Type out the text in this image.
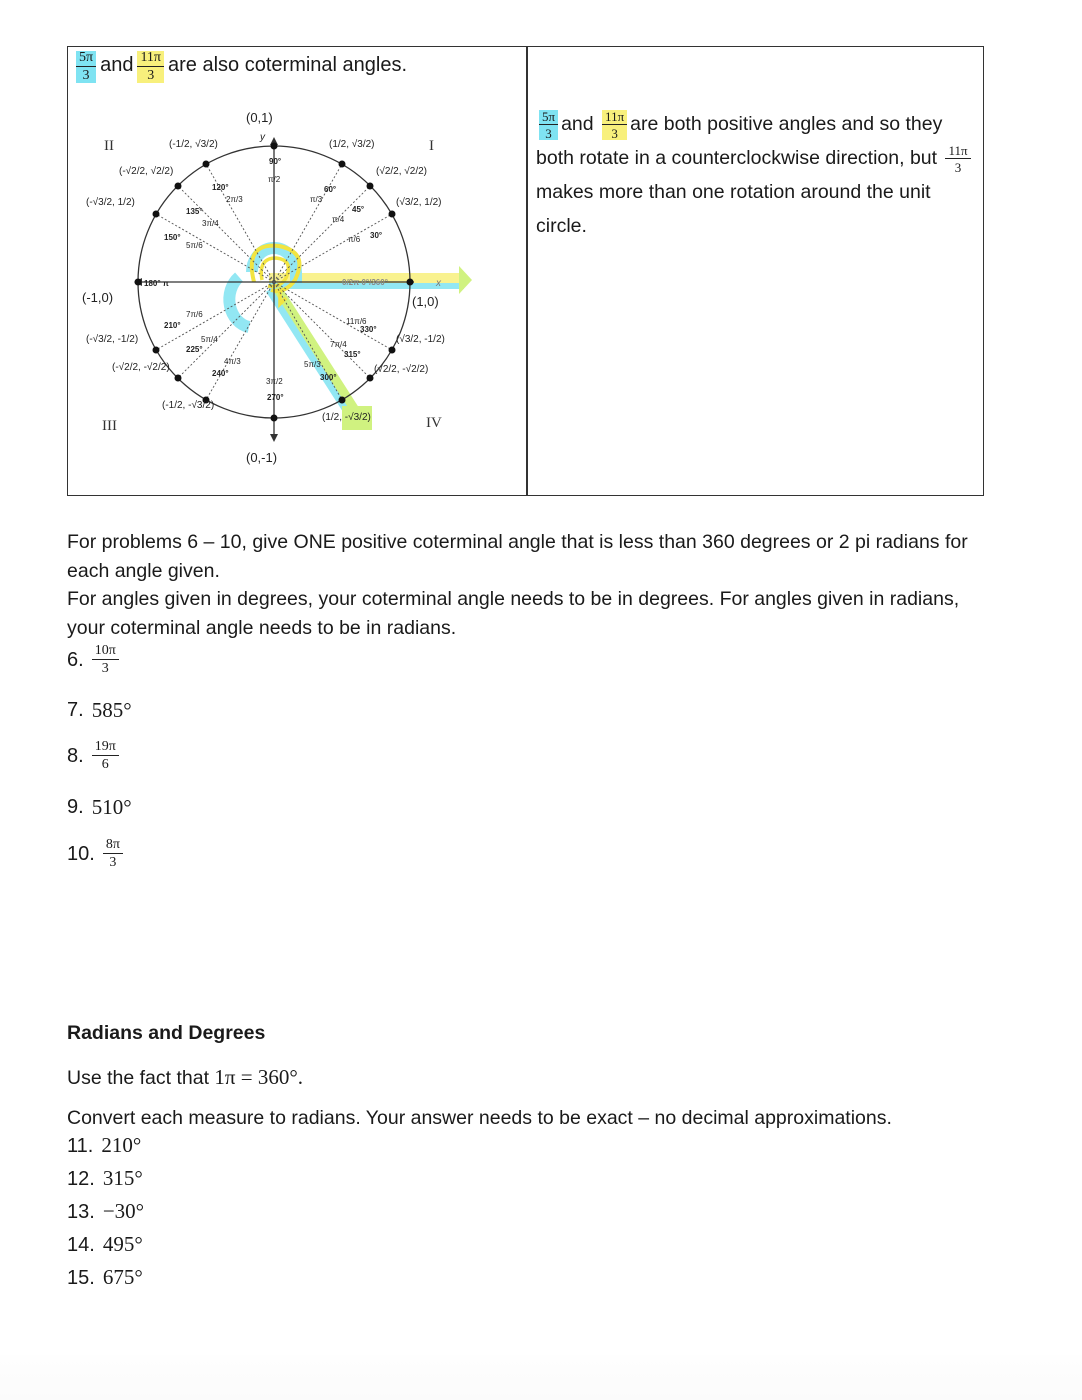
$\frac{5\pi}{3}$ and $\frac{11\pi}{3}$ are also coterminal angles.
I
II
III	IV
(0,1)
(-1,0)	(1,0)
(0,-1)
y
x
90°
60°
45°
30°
120°
135°
150°
180° π
210°
225°
240°
270°
300°
315°
330°
0/2π 0°/360°
π/2
π/3
π/4
π/6
2π/3
3π/4
5π/6
7π/6
5π/4
4π/3
3π/2
5π/3
7π/4
11π/6
(1/2, √3/2)
(√2/2, √2/2)
(√3/2, 1/2)
(-1/2, √3/2)
(-√2/2, √2/2)
(-√3/2, 1/2)
(-√3/2, -1/2)
(-√2/2, -√2/2)
(-1/2, -√3/2)
(1/2, -√3/2)
(√2/2, -√2/2)
(√3/2, -1/2)
$\frac{5\pi}{3}$ and $\frac{11\pi}{3}$ are both positive angles and so they both rotate in a counterclockwise direction, but $\frac{11\pi}{3}$
makes more than one rotation around the unit circle.
For problems 6 – 10, give ONE positive coterminal angle that is less than 360 degrees or 2 pi radians for each angle given.
For angles given in degrees, your coterminal angle needs to be in degrees. For angles given in radians, your coterminal angle needs to be in radians.
6. $\frac{10\pi}{3}$
7. 585°
8. $\frac{19\pi}{6}$
9. 510°
10. $\frac{8\pi}{3}$
Radians and Degrees
Use the fact that 1π = 360°.
Convert each measure to radians. Your answer needs to be exact – no decimal approximations.
11. 210°
12. 315°
13. −30°
14. 495°
15. 675°
